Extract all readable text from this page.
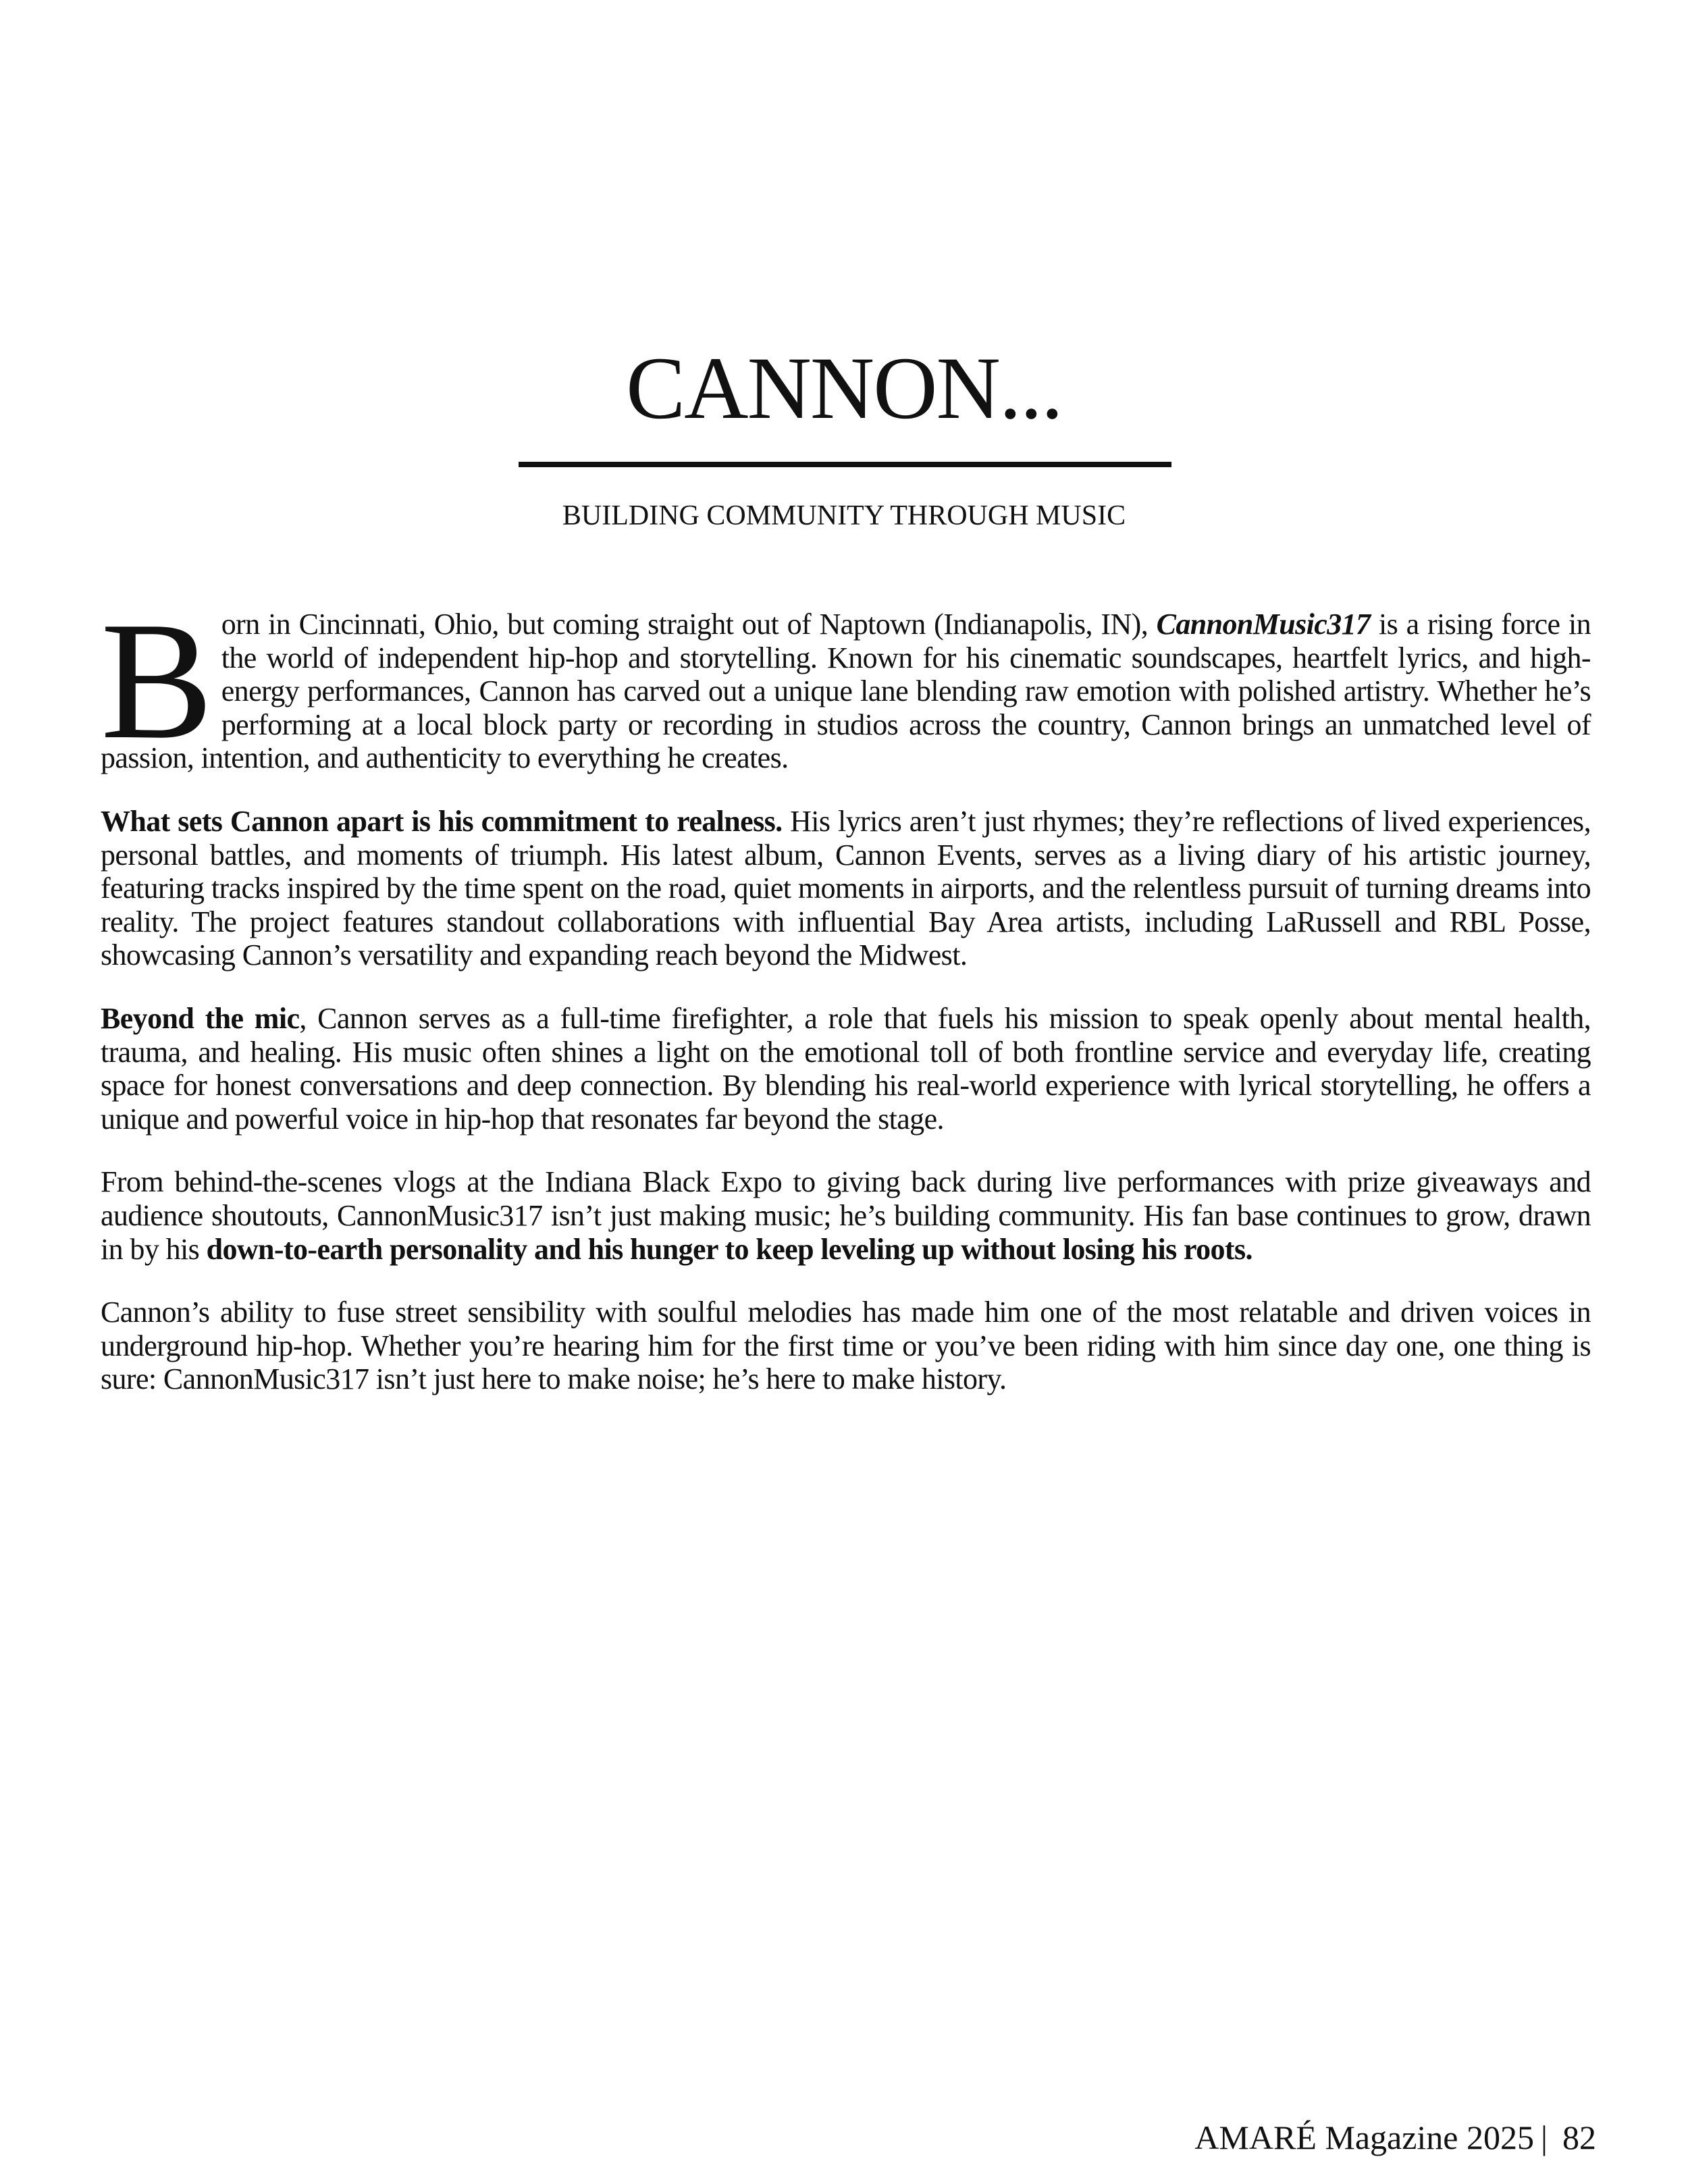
CANNON...
BUILDING COMMUNITY THROUGH MUSIC

Born in Cincinnati, Ohio, but coming straight out of Naptown (Indianapolis, IN), CannonMusic317 is a rising force in the world of independent hip-hop and storytelling. Known for his cinematic soundscapes, heartfelt lyrics, and high-energy performances, Cannon has carved out a unique lane blending raw emotion with polished artistry. Whether he’s performing at a local block party or recording in studios across the country, Cannon brings an unmatched level of passion, intention, and authenticity to everything he creates.

What sets Cannon apart is his commitment to realness. His lyrics aren’t just rhymes; they’re reflections of lived experiences, personal battles, and moments of triumph. His latest album, Cannon Events, serves as a living diary of his artistic journey, featuring tracks inspired by the time spent on the road, quiet moments in airports, and the relentless pursuit of turning dreams into reality. The project features standout collaborations with influential Bay Area artists, including LaRussell and RBL Posse, showcasing Cannon’s versatility and expanding reach beyond the Midwest.

Beyond the mic, Cannon serves as a full-time firefighter, a role that fuels his mission to speak openly about mental health, trauma, and healing. His music often shines a light on the emotional toll of both frontline service and everyday life, creating space for honest conversations and deep connection. By blending his real-world experience with lyrical storytelling, he offers a unique and powerful voice in hip-hop that resonates far beyond the stage.

From behind-the-scenes vlogs at the Indiana Black Expo to giving back during live performances with prize giveaways and audience shoutouts, CannonMusic317 isn’t just making music; he’s building community. His fan base continues to grow, drawn in by his down-to-earth personality and his hunger to keep leveling up without losing his roots.

Cannon’s ability to fuse street sensibility with soulful melodies has made him one of the most relatable and driven voices in underground hip-hop. Whether you’re hearing him for the first time or you’ve been riding with him since day one, one thing is sure: CannonMusic317 isn’t just here to make noise; he’s here to make history.

AMARÉ Magazine 2025 | 82
